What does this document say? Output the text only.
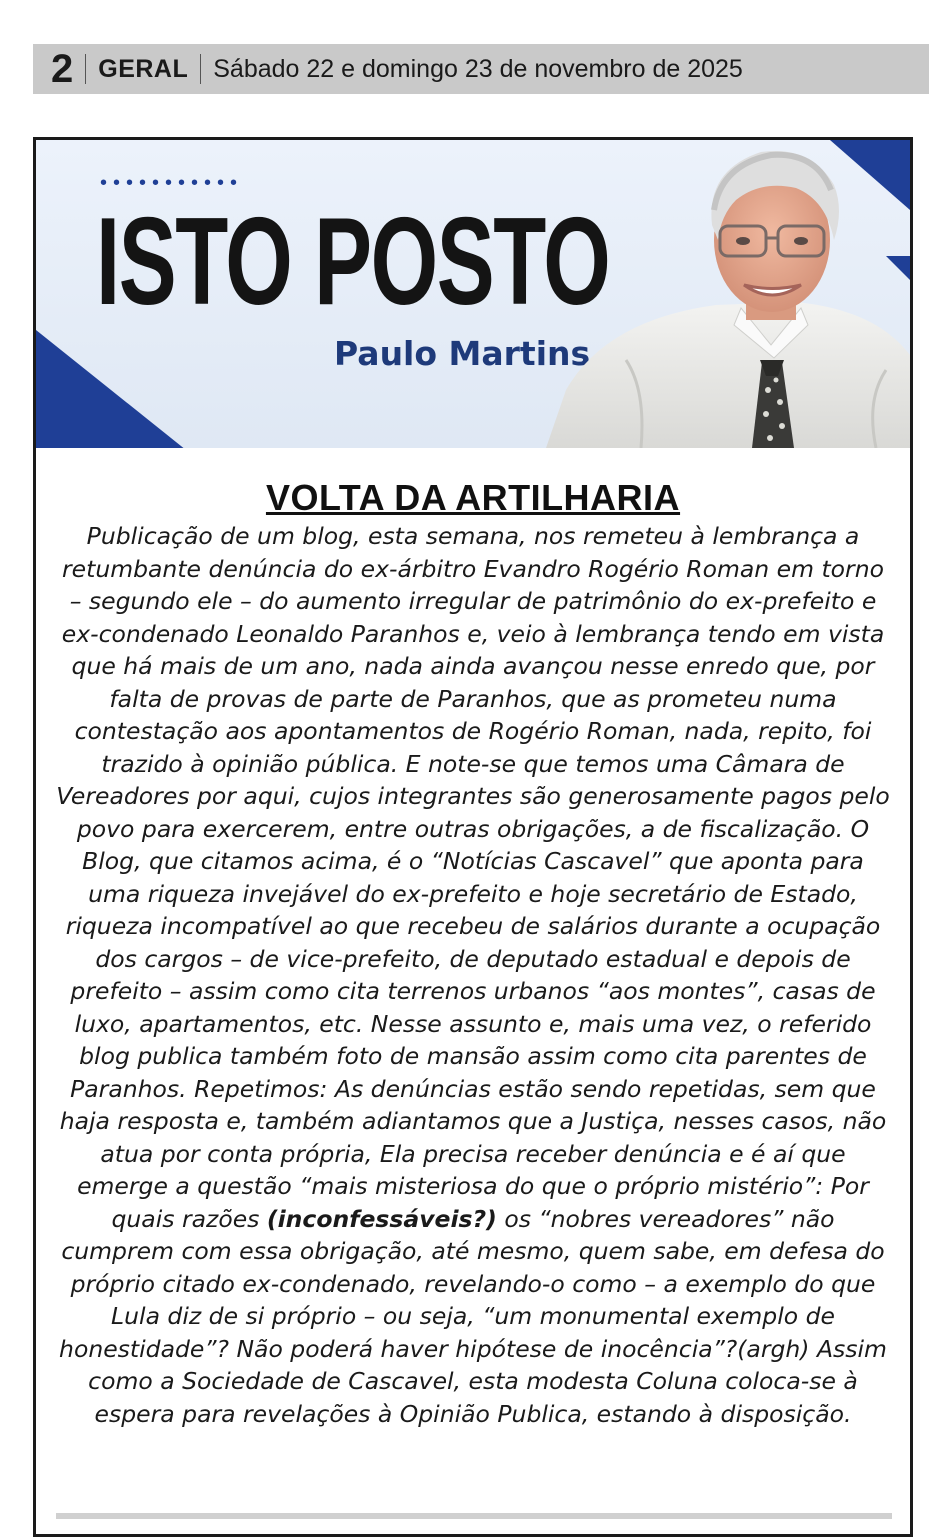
2	GERAL	Sábado 22 e domingo 23 de novembro de 2025
•••••••••••
ISTO POSTO
Paulo Martins
VOLTA DA ARTILHARIA

Publicação de um blog, esta semana, nos remeteu à lembrança a retumbante denúncia do ex-árbitro Evandro Rogério Roman em torno – segundo ele – do aumento irregular de patrimônio do ex-prefeito e ex-condenado Leonaldo Paranhos e, veio à lembrança tendo em vista que há mais de um ano, nada ainda avançou nesse enredo que, por falta de provas de parte de Paranhos, que as prometeu numa contestação aos apontamentos de Rogério Roman, nada, repito, foi trazido à opinião pública. E note-se que temos uma Câmara de Vereadores por aqui, cujos integrantes são generosamente pagos pelo povo para exercerem, entre outras obrigações, a de fiscalização. O Blog, que citamos acima, é o “Notícias Cascavel” que aponta para uma riqueza invejável do ex-prefeito e hoje secretário de Estado, riqueza incompatível ao que recebeu de salários durante a ocupação dos cargos – de vice-prefeito, de deputado estadual e depois de prefeito – assim como cita terrenos urbanos “aos montes”, casas de luxo, apartamentos, etc. Nesse assunto e, mais uma vez, o referido blog publica também foto de mansão assim como cita parentes de Paranhos. Repetimos: As denúncias estão sendo repetidas, sem que haja resposta e, também adiantamos que a Justiça, nesses casos, não atua por conta própria, Ela precisa receber denúncia e é aí que emerge a questão “mais misteriosa do que o próprio mistério”: Por quais razões (inconfessáveis?) os “nobres vereadores” não cumprem com essa obrigação, até mesmo, quem sabe, em defesa do próprio citado ex-condenado, revelando-o como – a exemplo do que Lula diz de si próprio – ou seja, “um monumental exemplo de honestidade”? Não poderá haver hipótese de inocência”?(argh) Assim como a Sociedade de Cascavel, esta modesta Coluna coloca-se à espera para revelações à Opinião Publica, estando à disposição.
